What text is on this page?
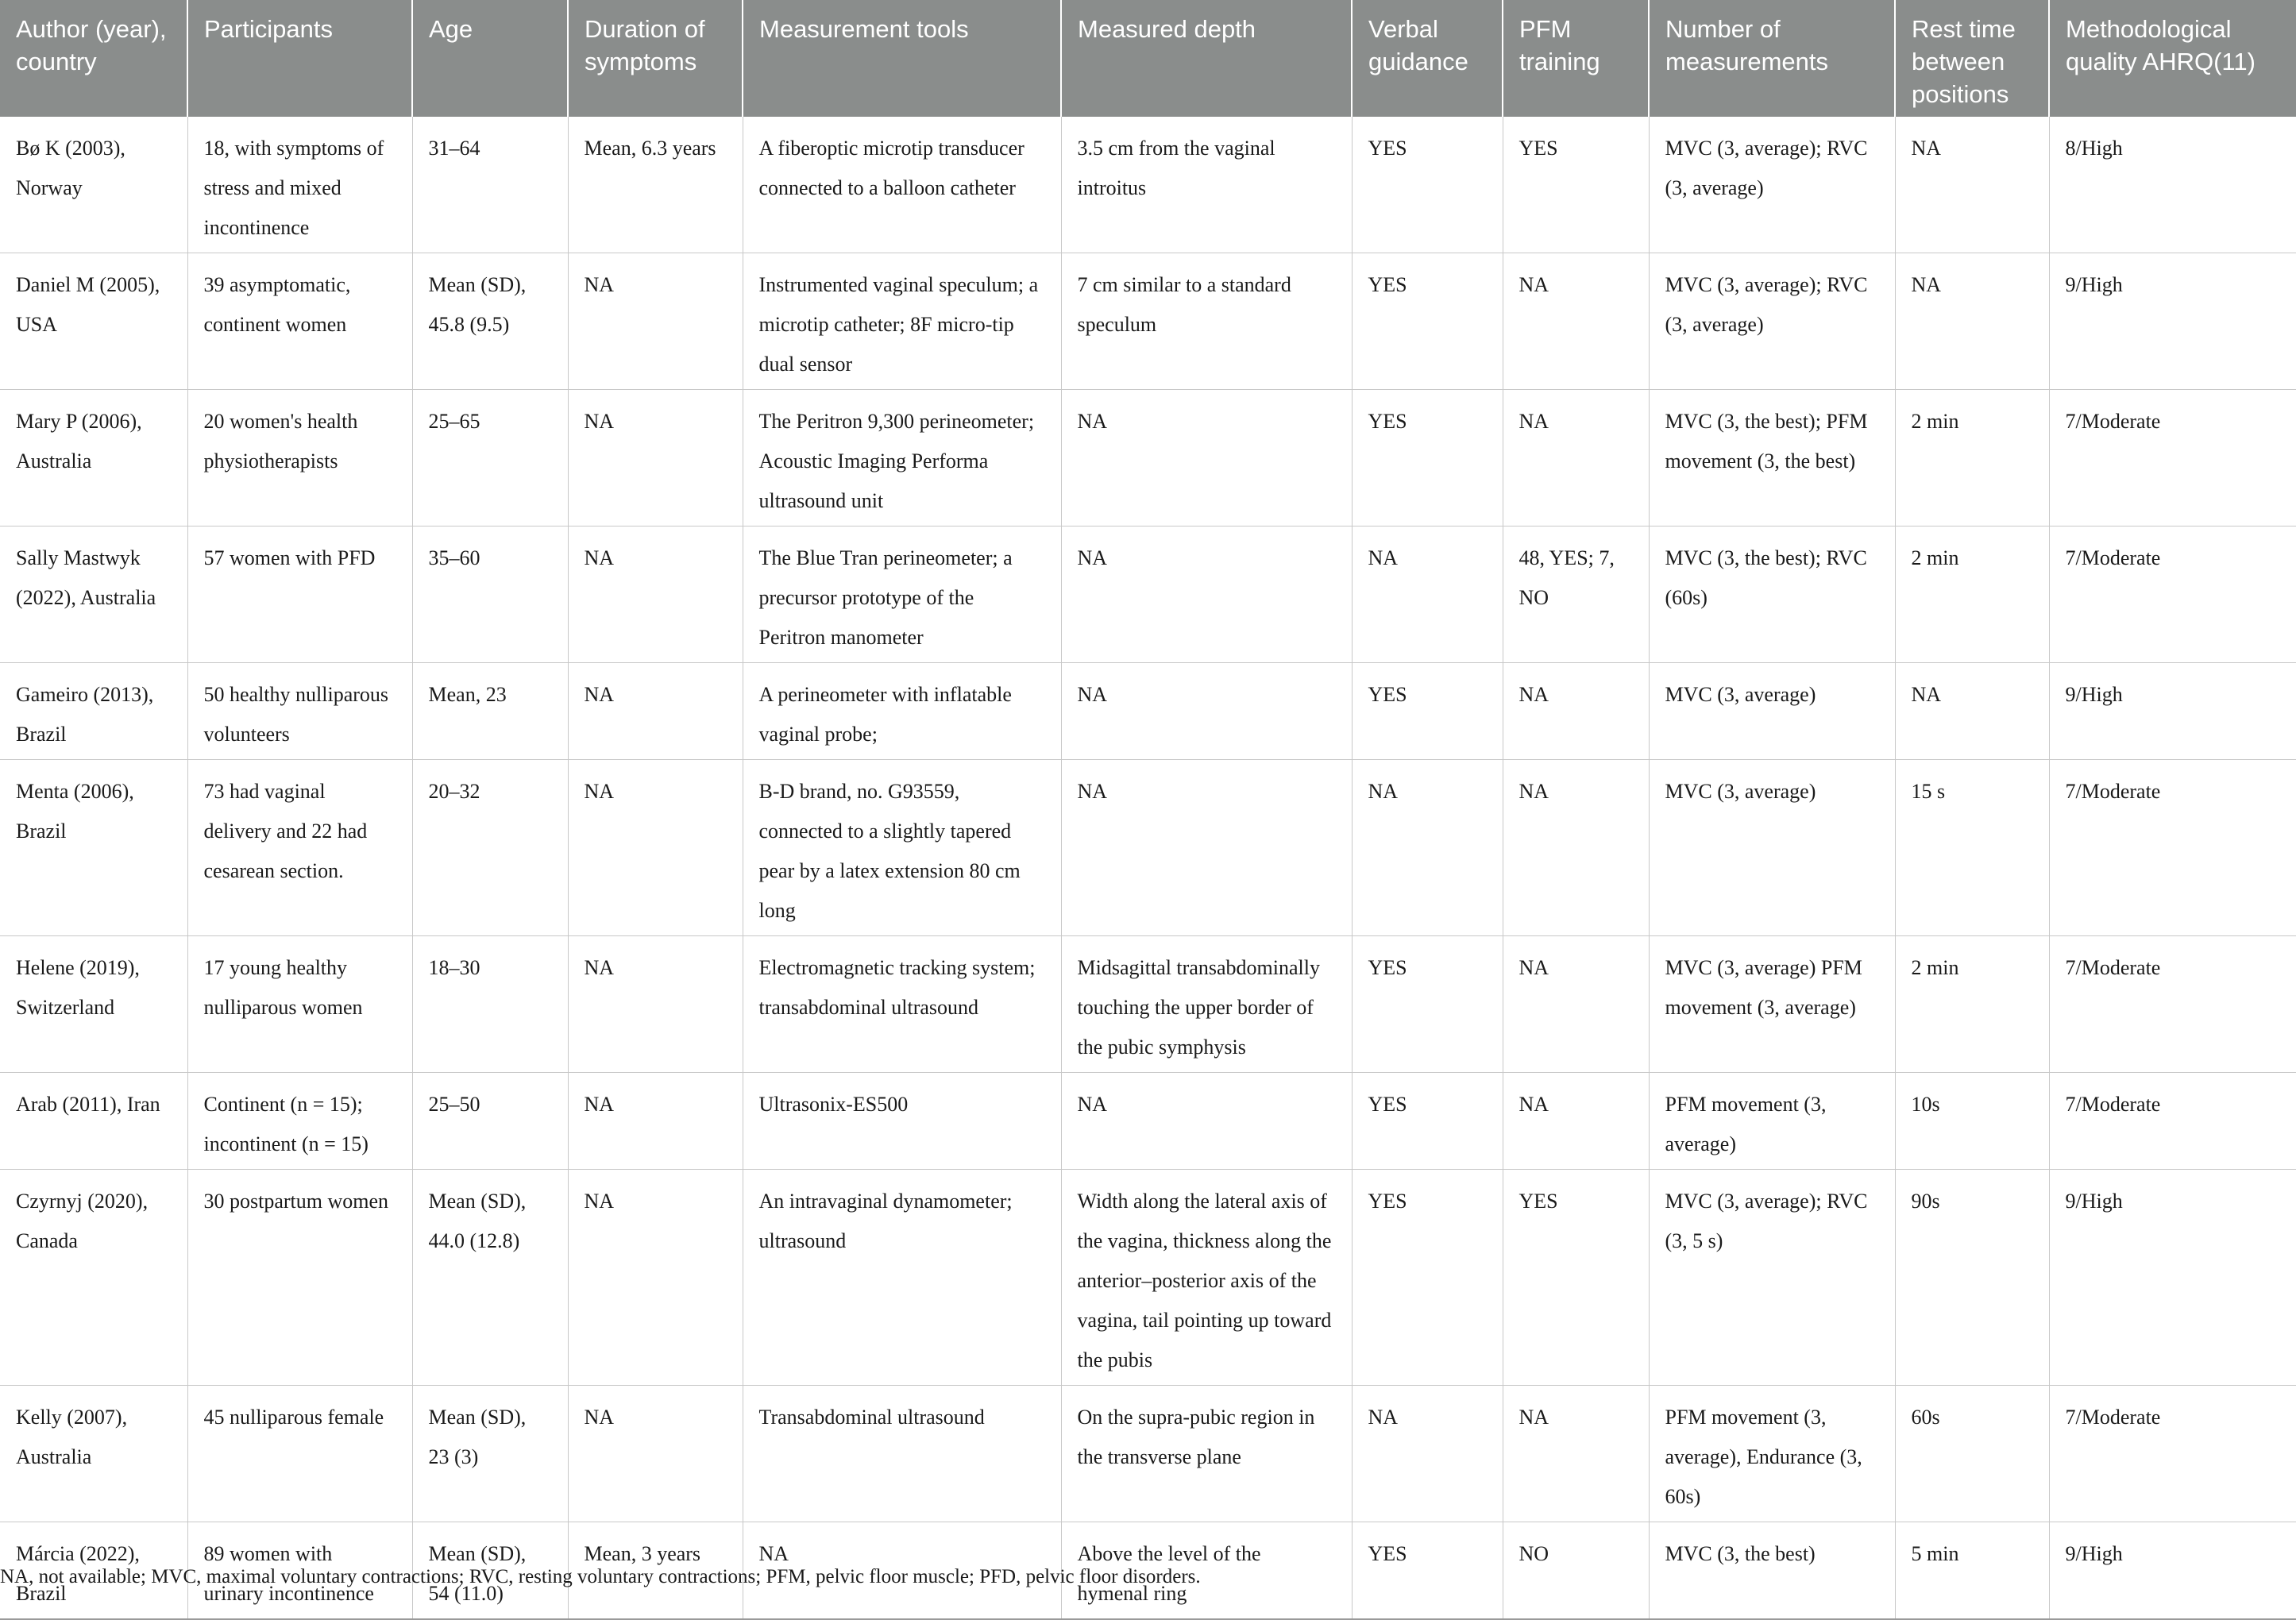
Author (year), country	Participants	Age	Duration of symptoms	Measurement tools	Measured depth	Verbal guidance	PFM training	Number of measurements	Rest time between positions	Methodological quality AHRQ(11)
Bø K (2003), Norway	18, with symptoms of stress and mixed incontinence	31–64	Mean, 6.3 years	A fiberoptic microtip transducer connected to a balloon catheter	3.5 cm from the vaginal introitus	YES	YES	MVC (3, average); RVC (3, average)	NA	8/High
Daniel M (2005), USA	39 asymptomatic, continent women	Mean (SD), 45.8 (9.5)	NA	Instrumented vaginal speculum; a microtip catheter; 8F micro-tip dual sensor	7 cm similar to a standard speculum	YES	NA	MVC (3, average); RVC (3, average)	NA	9/High
Mary P (2006), Australia	20 women's health physiotherapists	25–65	NA	The Peritron 9,300 perineometer; Acoustic Imaging Performa ultrasound unit	NA	YES	NA	MVC (3, the best); PFM movement (3, the best)	2 min	7/Moderate
Sally Mastwyk (2022), Australia	57 women with PFD	35–60	NA	The Blue Tran perineometer; a precursor prototype of the Peritron manometer	NA	NA	48, YES; 7, NO	MVC (3, the best); RVC (60s)	2 min	7/Moderate
Gameiro (2013), Brazil	50 healthy nulliparous volunteers	Mean, 23	NA	A perineometer with inflatable vaginal probe;	NA	YES	NA	MVC (3, average)	NA	9/High
Menta (2006), Brazil	73 had vaginal delivery and 22 had cesarean section.	20–32	NA	B-D brand, no. G93559, connected to a slightly tapered pear by a latex extension 80 cm long	NA	NA	NA	MVC (3, average)	15 s	7/Moderate
Helene (2019), Switzerland	17 young healthy nulliparous women	18–30	NA	Electromagnetic tracking system; transabdominal ultrasound	Midsagittal transabdominally touching the upper border of the pubic symphysis	YES	NA	MVC (3, average) PFM movement (3, average)	2 min	7/Moderate
Arab (2011), Iran	Continent (n = 15); incontinent (n = 15)	25–50	NA	Ultrasonix-ES500	NA	YES	NA	PFM movement (3, average)	10s	7/Moderate
Czyrnyj (2020), Canada	30 postpartum women	Mean (SD), 44.0 (12.8)	NA	An intravaginal dynamometer; ultrasound	Width along the lateral axis of the vagina, thickness along the anterior–posterior axis of the vagina, tail pointing up toward the pubis	YES	YES	MVC (3, average); RVC (3, 5 s)	90s	9/High
Kelly (2007), Australia	45 nulliparous female	Mean (SD), 23 (3)	NA	Transabdominal ultrasound	On the supra-pubic region in the transverse plane	NA	NA	PFM movement (3, average), Endurance (3, 60s)	60s	7/Moderate
Márcia (2022), Brazil	89 women with urinary incontinence	Mean (SD), 54 (11.0)	Mean, 3 years	NA	Above the level of the hymenal ring	YES	NO	MVC (3, the best)	5 min	9/High
NA, not available; MVC, maximal voluntary contractions; RVC, resting voluntary contractions; PFM, pelvic floor muscle; PFD, pelvic floor disorders.
